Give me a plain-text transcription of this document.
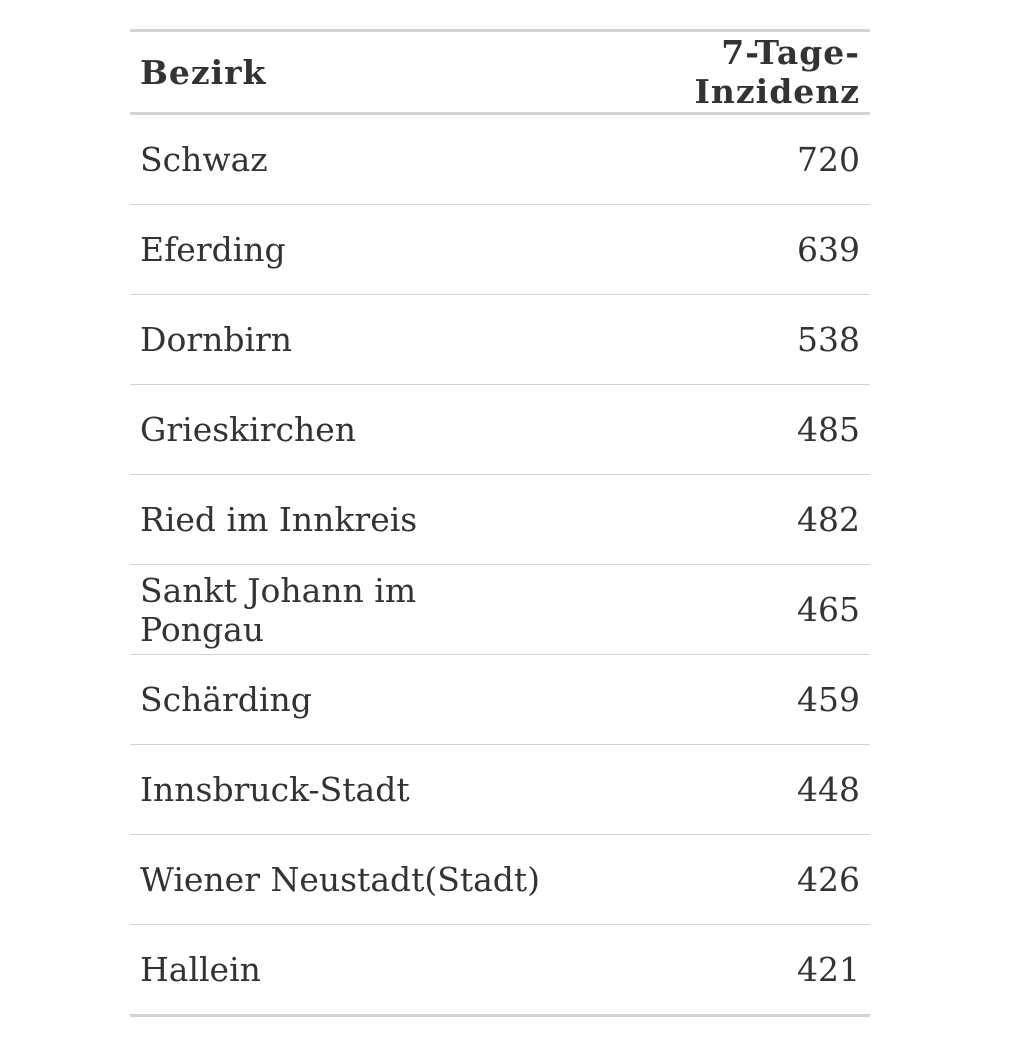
Bezirk	7-Tage-Inzidenz
Schwaz	720
Eferding	639
Dornbirn	538
Grieskirchen	485
Ried im Innkreis	482
Sankt Johann im Pongau	465
Schärding	459
Innsbruck-Stadt	448
Wiener Neustadt(Stadt)	426
Hallein	421
